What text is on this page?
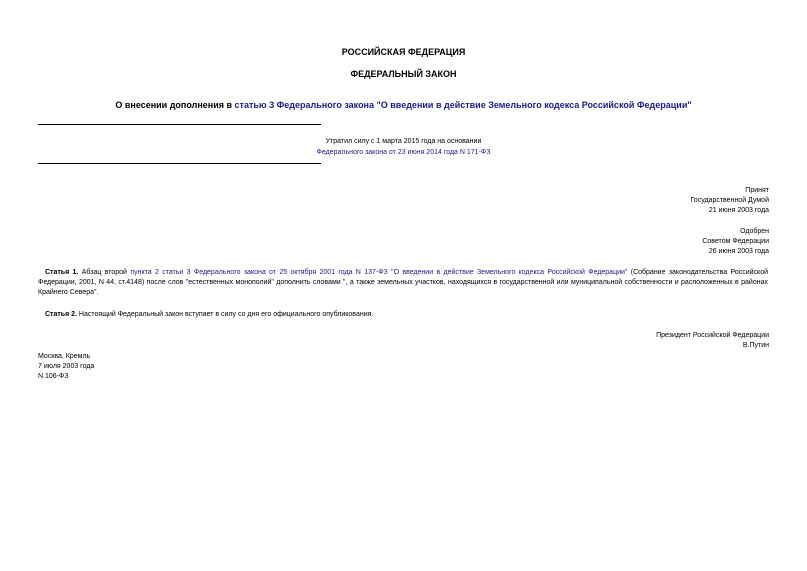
РОССИЙСКАЯ ФЕДЕРАЦИЯ
ФЕДЕРАЛЬНЫЙ ЗАКОН
О внесении дополнения в статью 3 Федерального закона "О введении в действие Земельного кодекса Российской Федерации"
Утратил силу с 1 марта 2015 года на основании
Федерального закона от 23 июня 2014 года N 171-ФЗ
Принят
Государственной Думой
21 июня 2003 года
Одобрен
Советом Федерации
26 июня 2003 года
Статья 1. Абзац второй пункта 2 статьи 3 Федерального закона от 25 октября 2001 года N 137-ФЗ "О введении в действие Земельного кодекса Российской Федерации" (Собрание законодательства Российской Федерации, 2001, N 44, ст.4148) после слов "естественных монополий" дополнить словами ", а также земельных участков, находящихся в государственной или муниципальной собственности и расположенных в районах Крайнего Севера".
Статья 2. Настоящий Федеральный закон вступает в силу со дня его официального опубликования.
Президент Российской Федерации
В.Путин
Москва, Кремль
7 июля 2003 года
N 106-ФЗ
